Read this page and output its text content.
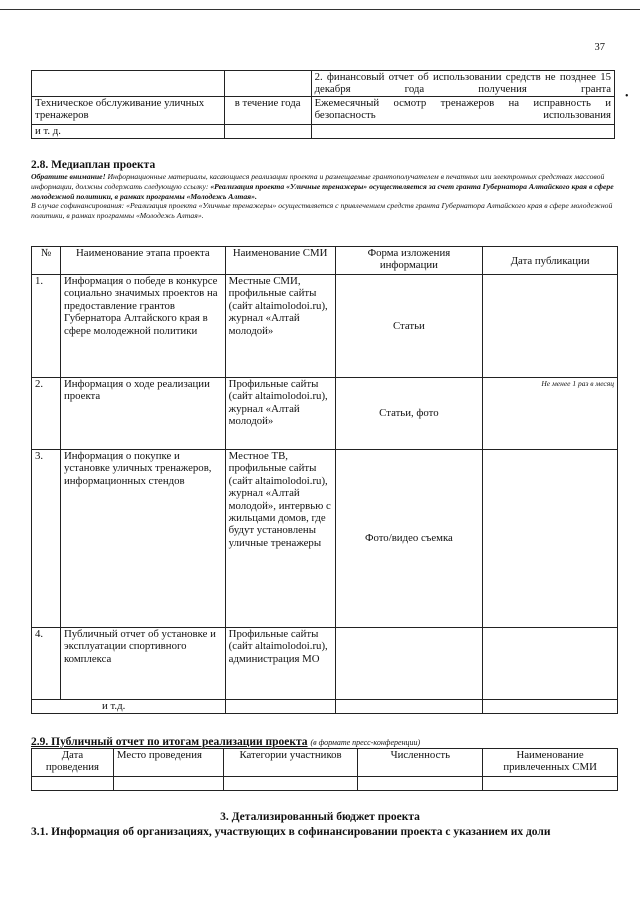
37
•
		2. финансовый отчет об использовании средств не позднее 15 декабря года получения гранта
Техническое обслуживание уличных тренажеров	в течение года	Ежемесячный осмотр тренажеров на исправность и безопасность использования
и т. д.		
2.8. Медиаплан проекта

Обратите внимание! Информационные материалы, касающиеся реализации проекта и размещаемые грантополучателем в печатных или электронных средствах массовой информации, должны содержать следующую ссылку: «Реализация проекта «Уличные тренажеры» осуществляется за счет гранта Губернатора Алтайского края в сфере молодежной политики, в рамках программы «Молодежь Алтая».

В случае софинансирования: «Реализация проекта «Уличные тренажеры» осуществляется с привлечением средств гранта Губернатора Алтайского края в сфере молодежной политики, в рамках программы «Молодежь Алтая».

№	Наименование этапа проекта	Наименование СМИ	Форма изложения информации	Дата публикации
1.	Информация о победе в конкурсе социально значимых проектов на предоставление грантов Губернатора Алтайского края в сфере молодежной политики	Местные СМИ, профильные сайты (сайт altaimolodoi.ru), журнал «Алтай молодой»	Статьи	
2.	Информация о ходе реализации проекта	Профильные сайты (сайт altaimolodoi.ru), журнал «Алтай молодой»	Статьи, фото	Не менее 1 раз в месяц
3.	Информация о покупке и установке уличных тренажеров, информационных стендов	Местное ТВ, профильные сайты (сайт altaimolodoi.ru), журнал «Алтай молодой», интервью с жильцами домов, где будут установлены уличные тренажеры	Фото/видео съемка	
4.	Публичный отчет об установке и эксплуатации спортивного комплекса	Профильные сайты (сайт altaimolodoi.ru), администрация МО		
и т.д.				
2.9. Публичный отчет по итогам реализации проекта (в формате пресс-конференции)
Дата проведения	Место проведения	Категории участников	Численность	Наименование привлеченных СМИ

3. Детализированный бюджет проекта
3.1. Информация об организациях, участвующих в софинансировании проекта с указанием их доли
